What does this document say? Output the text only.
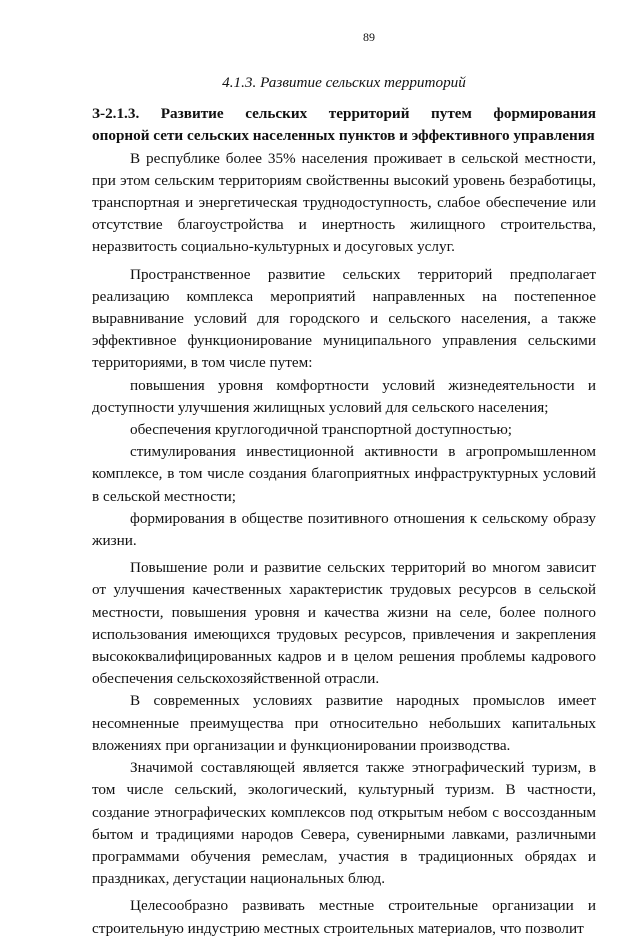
89
4.1.3. Развитие сельских территорий
З-2.1.3. Развитие сельских территорий путем формирования
опорной сети сельских населенных пунктов и эффективного управления

В республике более 35% населения проживает в сельской местности, при этом сельским территориям свойственны высокий уровень безработицы, транспортная и энергетическая труднодоступность, слабое обеспечение или отсутствие благоустройства и инертность жилищного строительства, неразвитость социально-культурных и досуговых услуг.

Пространственное развитие сельских территорий предполагает реализацию комплекса мероприятий направленных на постепенное выравнивание условий для городского и сельского населения, а также эффективное функционирование муниципального управления сельскими территориями, в том числе путем:

повышения уровня комфортности условий жизнедеятельности и доступности улучшения жилищных условий для сельского населения;

обеспечения круглогодичной транспортной доступностью;

стимулирования инвестиционной активности в агропромышленном комплексе, в том числе создания благоприятных инфраструктурных условий в сельской местности;

формирования в обществе позитивного отношения к сельскому образу жизни.

Повышение роли и развитие сельских территорий во многом зависит от улучшения качественных характеристик трудовых ресурсов в сельской местности, повышения уровня и качества жизни на селе, более полного использования имеющихся трудовых ресурсов, привлечения и закрепления высококвалифицированных кадров и в целом решения проблемы кадрового обеспечения сельскохозяйственной отрасли.

В современных условиях развитие народных промыслов имеет несомненные преимущества при относительно небольших капитальных вложениях при организации и функционировании производства.

Значимой составляющей является также этнографический туризм, в том числе сельский, экологический, культурный туризм. В частности, создание этнографических комплексов под открытым небом с воссозданным бытом и традициями народов Севера, сувенирными лавками, различными программами обучения ремеслам, участия в традиционных обрядах и праздниках, дегустации национальных блюд.

Целесообразно развивать местные строительные организации и строительную индустрию местных строительных материалов, что позволит
